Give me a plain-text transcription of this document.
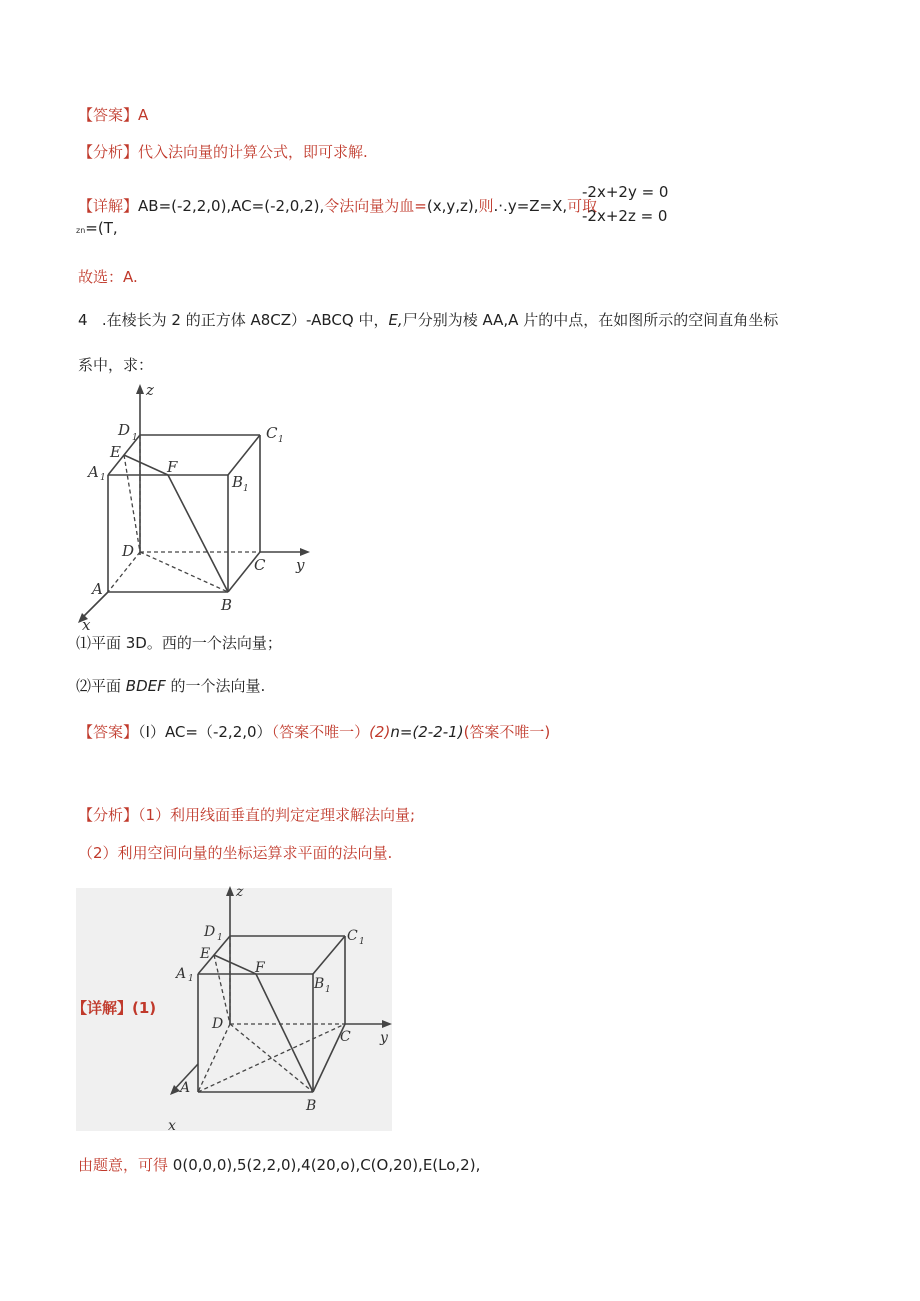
【答案】A
【分析】代入法向量的计算公式，即可求解.
【详解】AB=(-2,2,0),AC=(-2,0,2),令法向量为血=(x,y,z),则.·.y=Z=X,可取
zn=(T,
-2x+2y = 0
-2x+2z = 0
故选：A.
4 .在棱长为 2 的正方体 A8CZ）-ABCQ 中，E,尸分别为棱 AA,A 片的中点，在如图所示的空间直角坐标
系中，求：
z
y
x
D	C
E
A	F
B
D
C
A
B
1	1
1
1
⑴平面 3D。西的一个法向量；
⑵平面 BDEF 的一个法向量.
【答案】（I）AC=（-2,2,0）（答案不唯一）(2)n=(2-2-1)(答案不唯一)
【分析】（1）利用线面垂直的判定定理求解法向量;
（2）利用空间向量的坐标运算求平面的法向量.
【详解】(1)
z
y
x
D	C
E
A	F
B
D
C
A
B
1	1
1
1
由题意，可得 0(0,0,0),5(2,2,0),4(20,o),C(O,20),E(Lo,2),
